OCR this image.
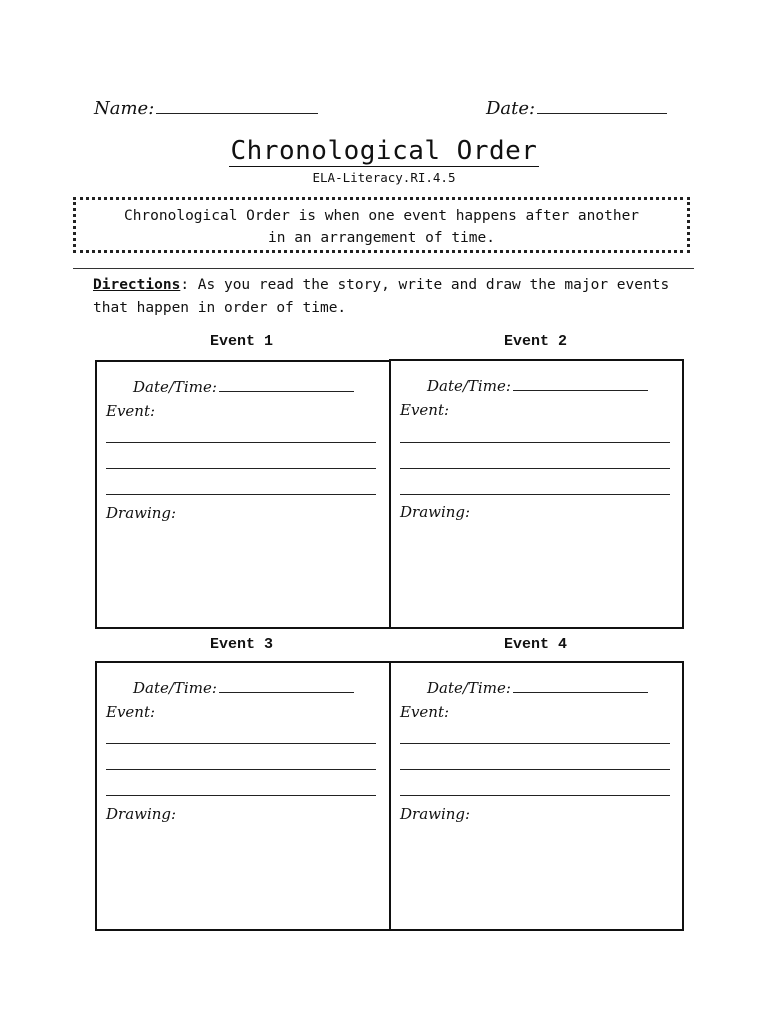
Name:	Date:
Chronological Order
ELA-Literacy.RI.4.5
Chronological Order is when one event happens after another
in an arrangement of time.
Directions: As you read the story, write and draw the major events that happen in order of time.
Event 1	Event 2
Event 3	Event 4
Date/Time:
Event:
Drawing:
Date/Time:
Event:
Drawing:
Date/Time:
Event:
Drawing:
Date/Time:
Event:
Drawing:
